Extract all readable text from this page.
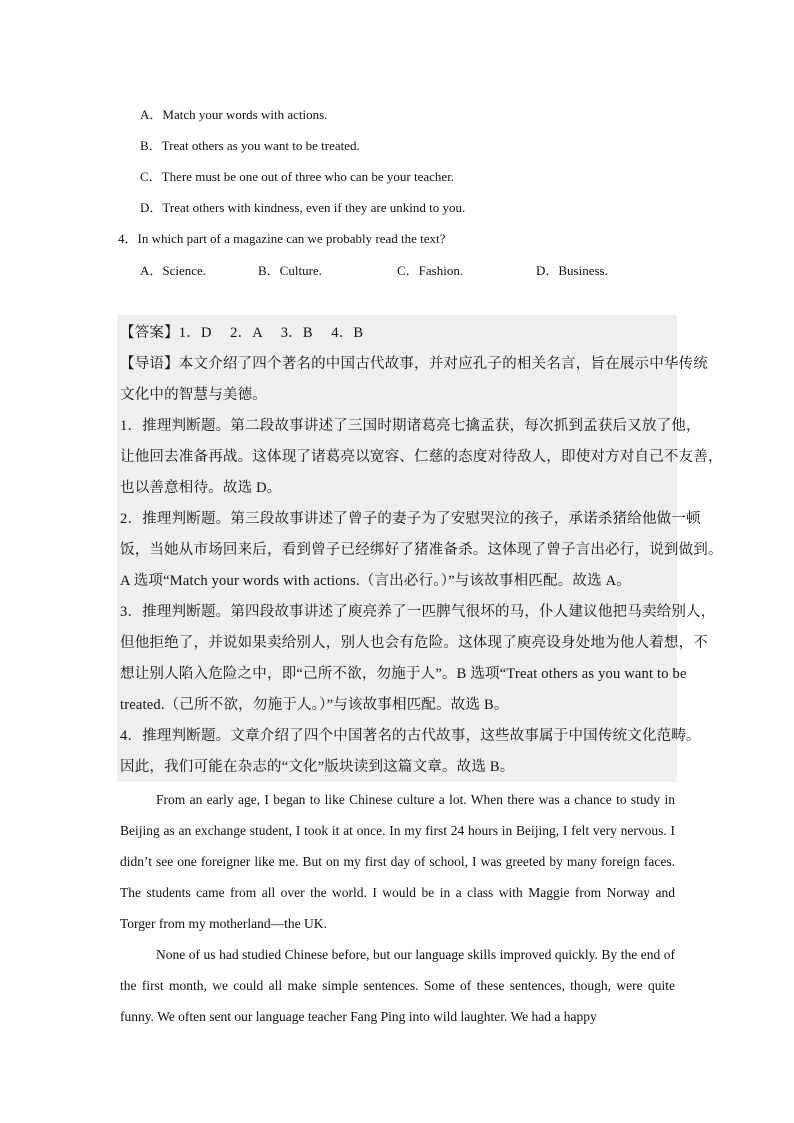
A．Match your words with actions.
B．Treat others as you want to be treated.
C．There must be one out of three who can be your teacher.
D．Treat others with kindness, even if they are unkind to you.
4．In which part of a magazine can we probably read the text?
A．Science.	B．Culture.	C．Fashion.	D．Business.
【答案】1．D　 2．A　 3．B　 4．B
【导语】本文介绍了四个著名的中国古代故事，并对应孔子的相关名言，旨在展示中华传统
文化中的智慧与美德。
1．推理判断题。第二段故事讲述了三国时期诸葛亮七擒孟获，每次抓到孟获后又放了他，
让他回去准备再战。这体现了诸葛亮以宽容、仁慈的态度对待敌人，即使对方对自己不友善，
也以善意相待。故选 D。
2．推理判断题。第三段故事讲述了曾子的妻子为了安慰哭泣的孩子，承诺杀猪给他做一顿
饭，当她从市场回来后，看到曾子已经绑好了猪准备杀。这体现了曾子言出必行，说到做到。
A 选项“Match your words with actions.（言出必行。）”与该故事相匹配。故选 A。
3．推理判断题。第四段故事讲述了庾亮养了一匹脾气很坏的马，仆人建议他把马卖给别人，
但他拒绝了，并说如果卖给别人，别人也会有危险。这体现了庾亮设身处地为他人着想，不
想让别人陷入危险之中，即“己所不欲，勿施于人”。B 选项“Treat others as you want to be
treated.（己所不欲，勿施于人。）”与该故事相匹配。故选 B。
4．推理判断题。文章介绍了四个中国著名的古代故事，这些故事属于中国传统文化范畴。
因此，我们可能在杂志的“文化”版块读到这篇文章。故选 B。

From an early age, I began to like Chinese culture a lot. When there was a chance to study in Beijing as an exchange student, I took it at once. In my first 24 hours in Beijing, I felt very nervous. I didn’t see one foreigner like me. But on my first day of school, I was greeted by many foreign faces. The students came from all over the world. I would be in a class with Maggie from Norway and Torger from my motherland—the UK.

None of us had studied Chinese before, but our language skills improved quickly. By the end of the first month, we could all make simple sentences. Some of these sentences, though, were quite funny. We often sent our language teacher Fang Ping into wild laughter. We had a happy
